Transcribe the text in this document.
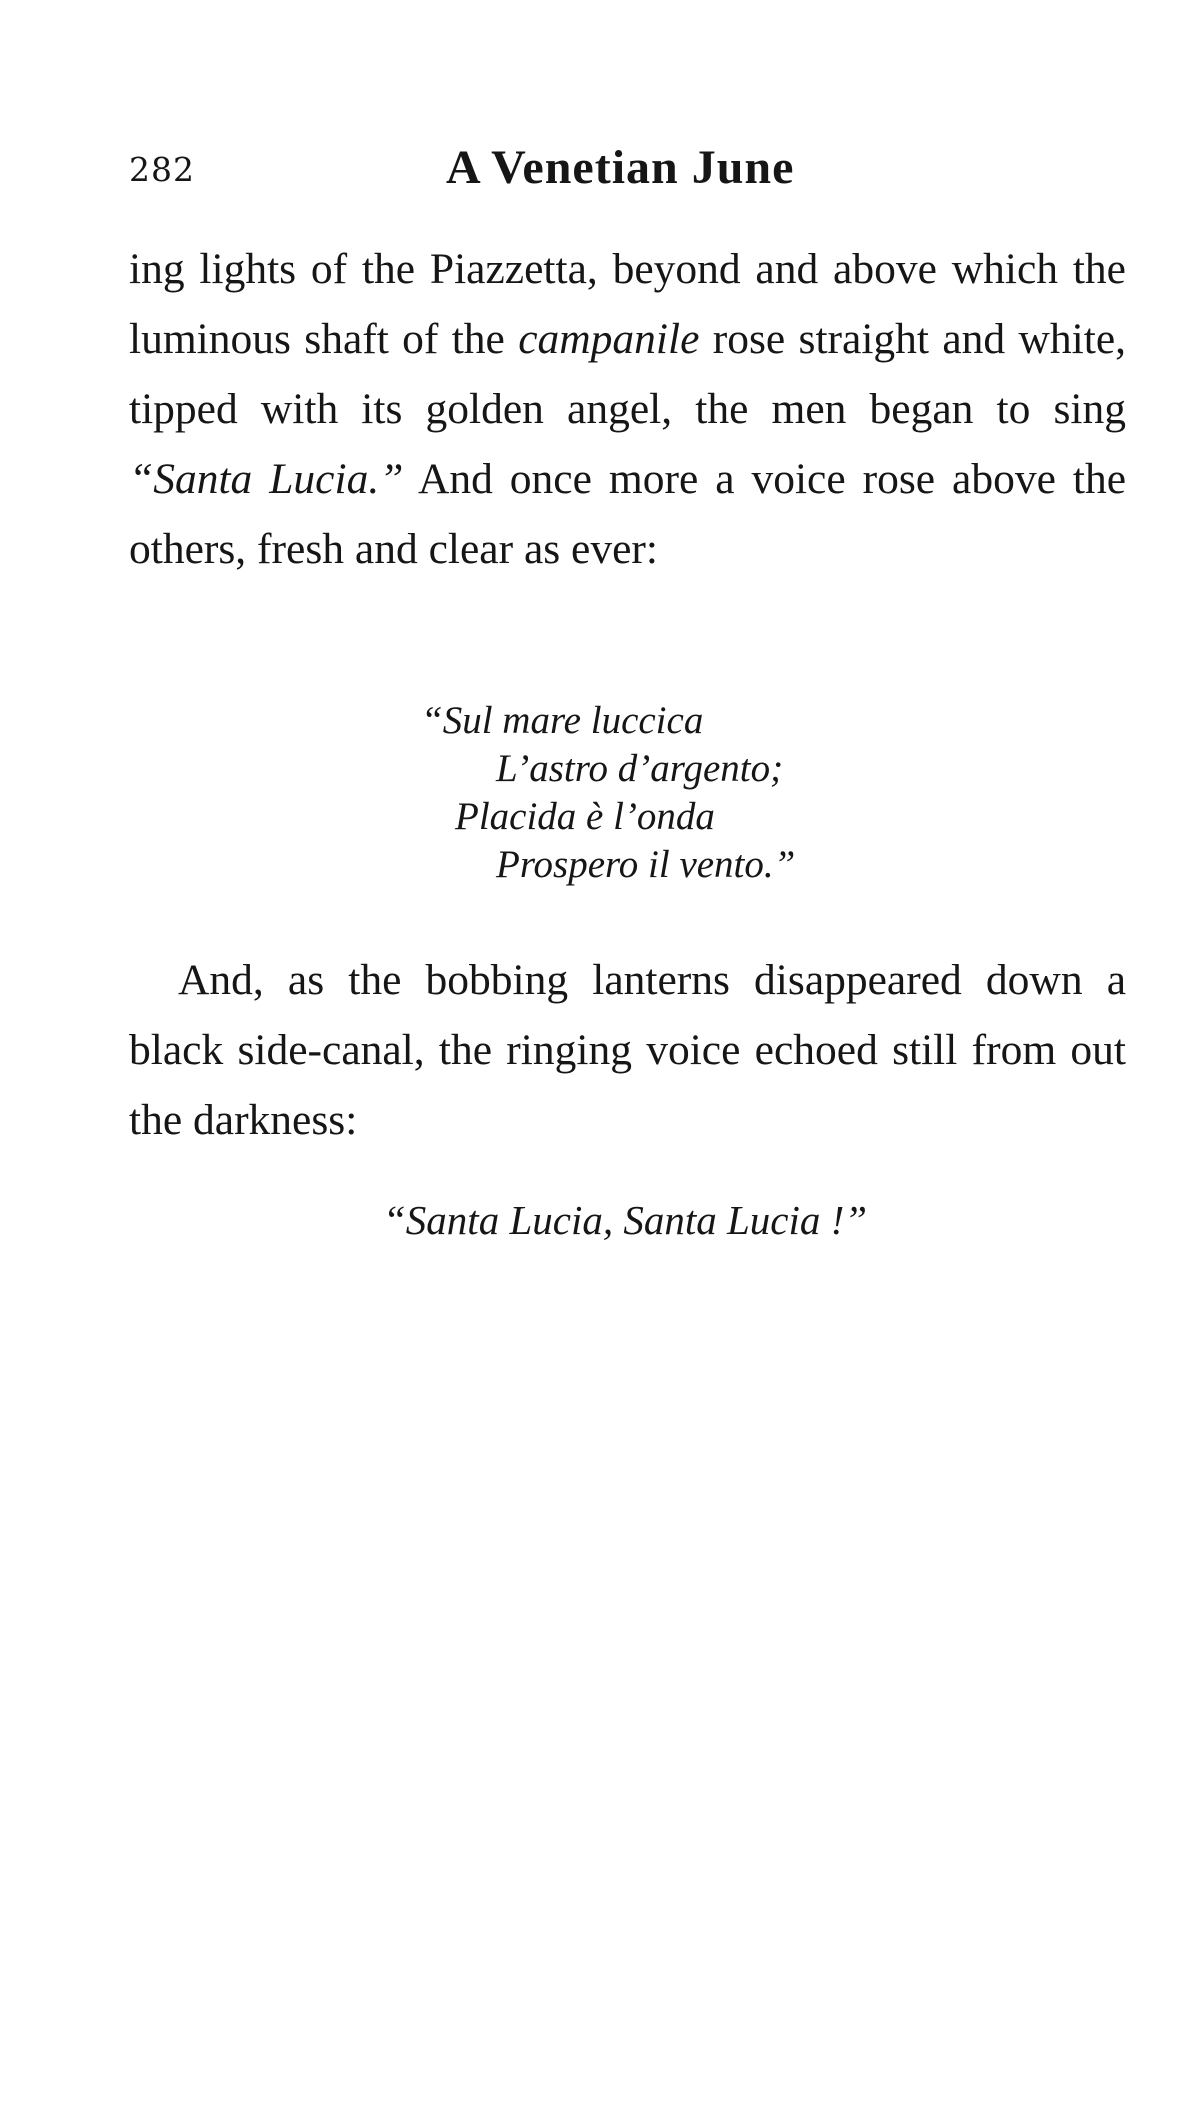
282	A Venetian June

ing lights of the Piazzetta, beyond and above which the luminous shaft of the campanile rose straight and white, tipped with its golden angel, the men began to sing “Santa Lucia.” And once more a voice rose above the others, fresh and clear as ever:

“Sul mare luccica
L’astro d’argento;
Placida è l’onda
Prospero il vento.”

And, as the bobbing lanterns disappeared down a black side-canal, the ringing voice echoed still from out the darkness:

“Santa Lucia, Santa Lucia !”
